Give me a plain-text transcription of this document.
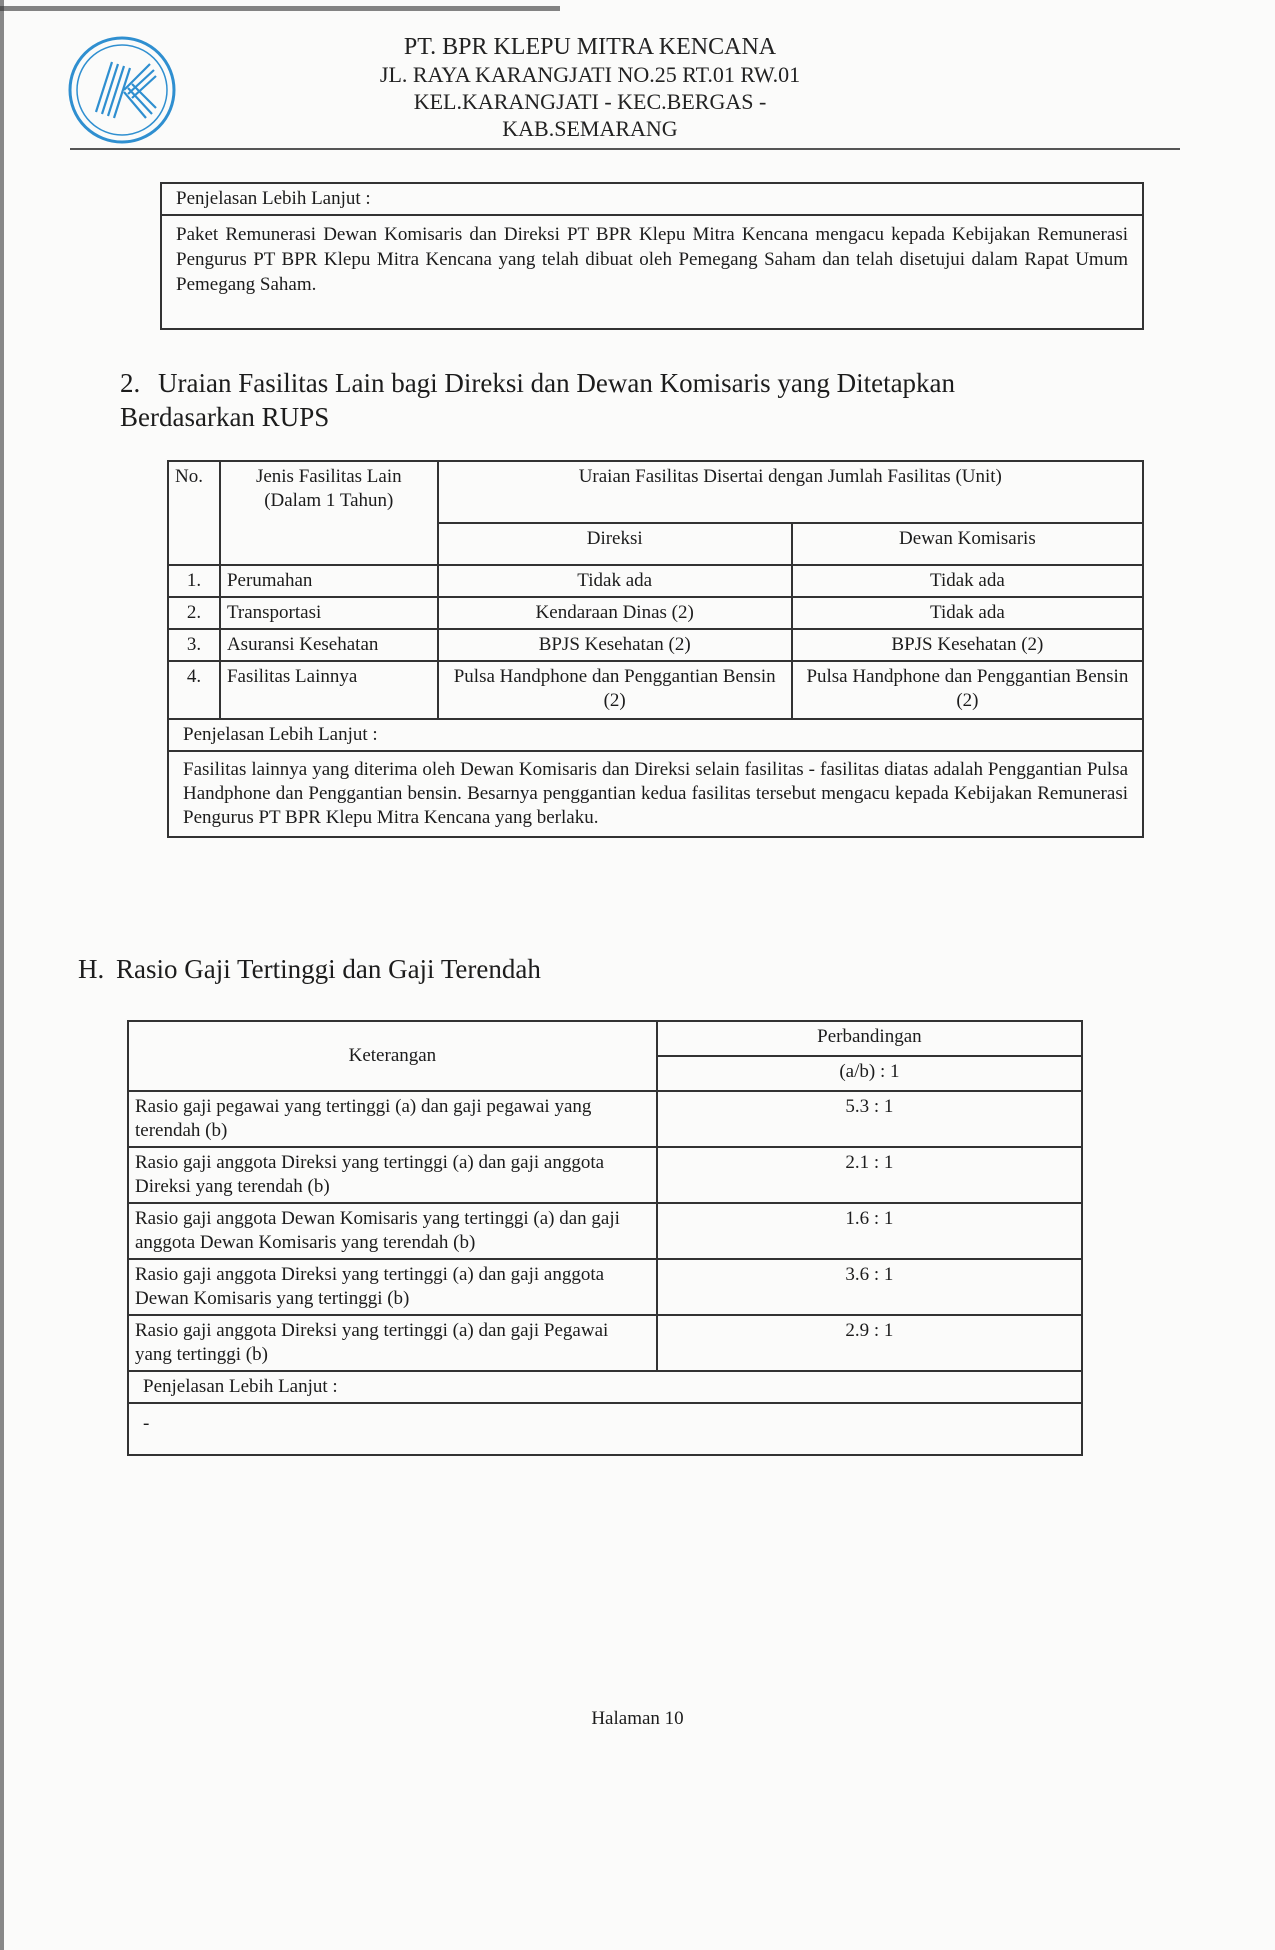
PT. BPR KLEPU MITRA KENCANA
JL. RAYA KARANGJATI NO.25 RT.01 RW.01
KEL.KARANGJATI - KEC.BERGAS -
KAB.SEMARANG
Penjelasan Lebih Lanjut :
Paket Remunerasi Dewan Komisaris dan Direksi PT BPR Klepu Mitra Kencana mengacu kepada Kebijakan Remunerasi Pengurus PT BPR Klepu Mitra Kencana yang telah dibuat oleh Pemegang Saham dan telah disetujui dalam Rapat Umum Pemegang Saham.
2. Uraian Fasilitas Lain bagi Direksi dan Dewan Komisaris yang Ditetapkan Berdasarkan RUPS
No.	Jenis Fasilitas Lain (Dalam 1 Tahun)	Uraian Fasilitas Disertai dengan Jumlah Fasilitas (Unit)	
		Direksi	Dewan Komisaris
1.	Perumahan	Tidak ada	Tidak ada
2.	Transportasi	Kendaraan Dinas (2)	Tidak ada
3.	Asuransi Kesehatan	BPJS Kesehatan (2)	BPJS Kesehatan (2)
4.	Fasilitas Lainnya	Pulsa Handphone dan Penggantian Bensin (2)	Pulsa Handphone dan Penggantian Bensin (2)
Penjelasan Lebih Lanjut :			
Fasilitas lainnya yang diterima oleh Dewan Komisaris dan Direksi selain fasilitas - fasilitas diatas adalah Penggantian Pulsa Handphone dan Penggantian bensin. Besarnya penggantian kedua fasilitas tersebut mengacu kepada Kebijakan Remunerasi Pengurus PT BPR Klepu Mitra Kencana yang berlaku.			
H. Rasio Gaji Tertinggi dan Gaji Terendah
Keterangan	Perbandingan
	(a/b) : 1
Rasio gaji pegawai yang tertinggi (a) dan gaji pegawai yang terendah (b)	5.3 : 1
Rasio gaji anggota Direksi yang tertinggi (a) dan gaji anggota Direksi yang terendah (b)	2.1 : 1
Rasio gaji anggota Dewan Komisaris yang tertinggi (a) dan gaji anggota Dewan Komisaris yang terendah (b)	1.6 : 1
Rasio gaji anggota Direksi yang tertinggi (a) dan gaji anggota Dewan Komisaris yang tertinggi (b)	3.6 : 1
Rasio gaji anggota Direksi yang tertinggi (a) dan gaji Pegawai yang tertinggi (b)	2.9 : 1
Penjelasan Lebih Lanjut :	
-	
Halaman 10
